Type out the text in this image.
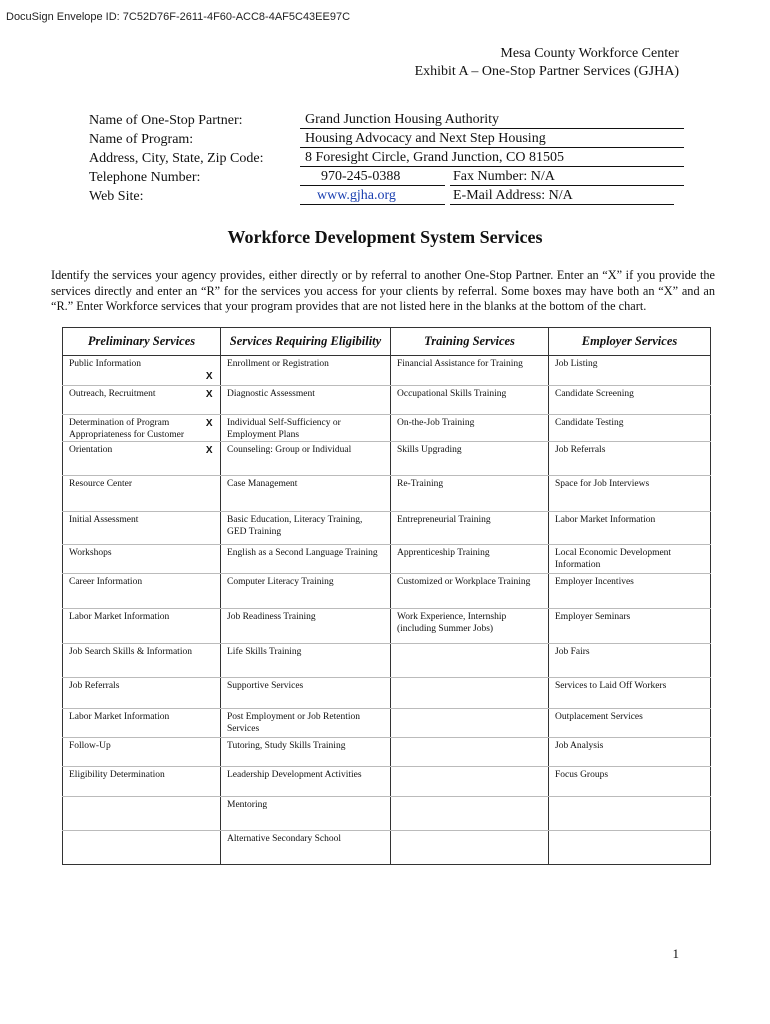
DocuSign Envelope ID: 7C52D76F-2611-4F60-ACC8-4AF5C43EE97C
Mesa County Workforce Center
Exhibit A – One-Stop Partner Services (GJHA)
Name of One-Stop Partner:	Grand Junction Housing Authority
Name of Program:	Housing Advocacy and Next Step Housing
Address, City, State, Zip Code:	8 Foresight Circle, Grand Junction, CO 81505
Telephone Number:	970-245-0388	Fax Number: N/A
Web Site:	www.gjha.org	E-Mail Address: N/A
Workforce Development System Services
Identify the services your agency provides, either directly or by referral to another One-Stop Partner. Enter an “X” if you provide the services directly and enter an “R” for the services you access for your clients by referral. Some boxes may have both an “X” and an “R.” Enter Workforce services that your program provides that are not listed here in the blanks at the bottom of the chart.
Preliminary Services		Services Requiring Eligibility	Training Services	Employer Services
Public Information	X	Enrollment or Registration	Financial Assistance for Training	Job Listing
Outreach, Recruitment	X	Diagnostic Assessment	Occupational Skills Training	Candidate Screening
Determination of Program Appropriateness for Customer	X	Individual Self-Sufficiency or Employment Plans	On-the-Job Training	Candidate Testing
Orientation	X	Counseling: Group or Individual	Skills Upgrading	Job Referrals
Resource Center		Case Management	Re-Training	Space for Job Interviews
Initial Assessment		Basic Education, Literacy Training, GED Training	Entrepreneurial Training	Labor Market Information
Workshops		English as a Second Language Training	Apprenticeship Training	Local Economic Development Information
Career Information		Computer Literacy Training	Customized or Workplace Training	Employer Incentives
Labor Market Information		Job Readiness Training	Work Experience, Internship (including Summer Jobs)	Employer Seminars
Job Search Skills & Information		Life Skills Training		Job Fairs
Job Referrals		Supportive Services		Services to Laid Off Workers
Labor Market Information		Post Employment or Job Retention Services		Outplacement Services
Follow-Up		Tutoring, Study Skills Training		Job Analysis
Eligibility Determination		Leadership Development Activities		Focus Groups
		Mentoring		
		Alternative Secondary School		
1
